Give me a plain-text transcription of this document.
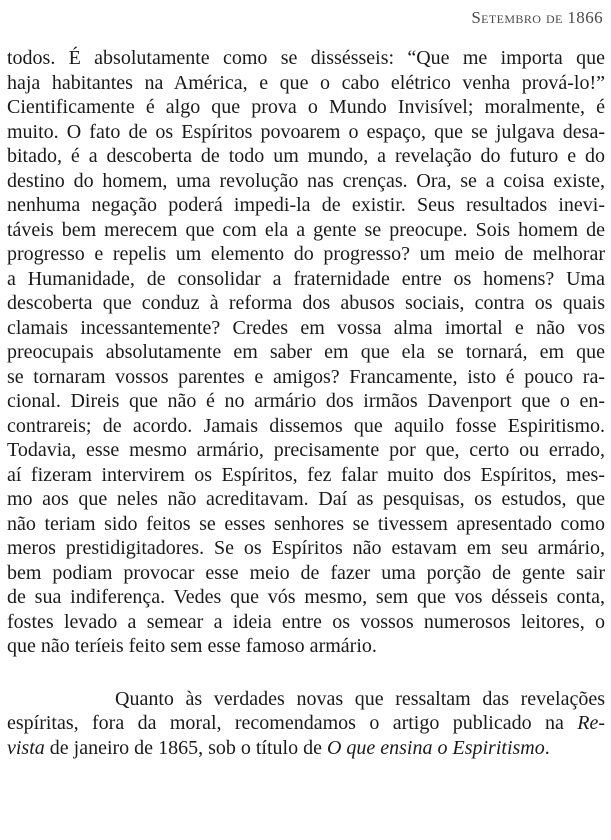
Setembro de 1866
todos. É absolutamente como se dissésseis: “Que me importa que
haja habitantes na América, e que o cabo elétrico venha prová-lo!”
Cientificamente é algo que prova o Mundo Invisível; moralmente, é
muito. O fato de os Espíritos povoarem o espaço, que se julgava desa-
bitado, é a descoberta de todo um mundo, a revelação do futuro e do
destino do homem, uma revolução nas crenças. Ora, se a coisa existe,
nenhuma negação poderá impedi-la de existir. Seus resultados inevi-
táveis bem merecem que com ela a gente se preocupe. Sois homem de
progresso e repelis um elemento do progresso? um meio de melhorar
a Humanidade, de consolidar a fraternidade entre os homens? Uma
descoberta que conduz à reforma dos abusos sociais, contra os quais
clamais incessantemente? Credes em vossa alma imortal e não vos
preocupais absolutamente em saber em que ela se tornará, em que
se tornaram vossos parentes e amigos? Francamente, isto é pouco ra-
cional. Direis que não é no armário dos irmãos Davenport que o en-
contrareis; de acordo. Jamais dissemos que aquilo fosse Espiritismo.
Todavia, esse mesmo armário, precisamente por que, certo ou errado,
aí fizeram intervirem os Espíritos, fez falar muito dos Espíritos, mes-
mo aos que neles não acreditavam. Daí as pesquisas, os estudos, que
não teriam sido feitos se esses senhores se tivessem apresentado como
meros prestidigitadores. Se os Espíritos não estavam em seu armário,
bem podiam provocar esse meio de fazer uma porção de gente sair
de sua indiferença. Vedes que vós mesmo, sem que vos désseis conta,
fostes levado a semear a ideia entre os vossos numerosos leitores, o
que não teríeis feito sem esse famoso armário.
Quanto às verdades novas que ressaltam das revelações
espíritas, fora da moral, recomendamos o artigo publicado na Re-
vista de janeiro de 1865, sob o título de O que ensina o Espiritismo.
